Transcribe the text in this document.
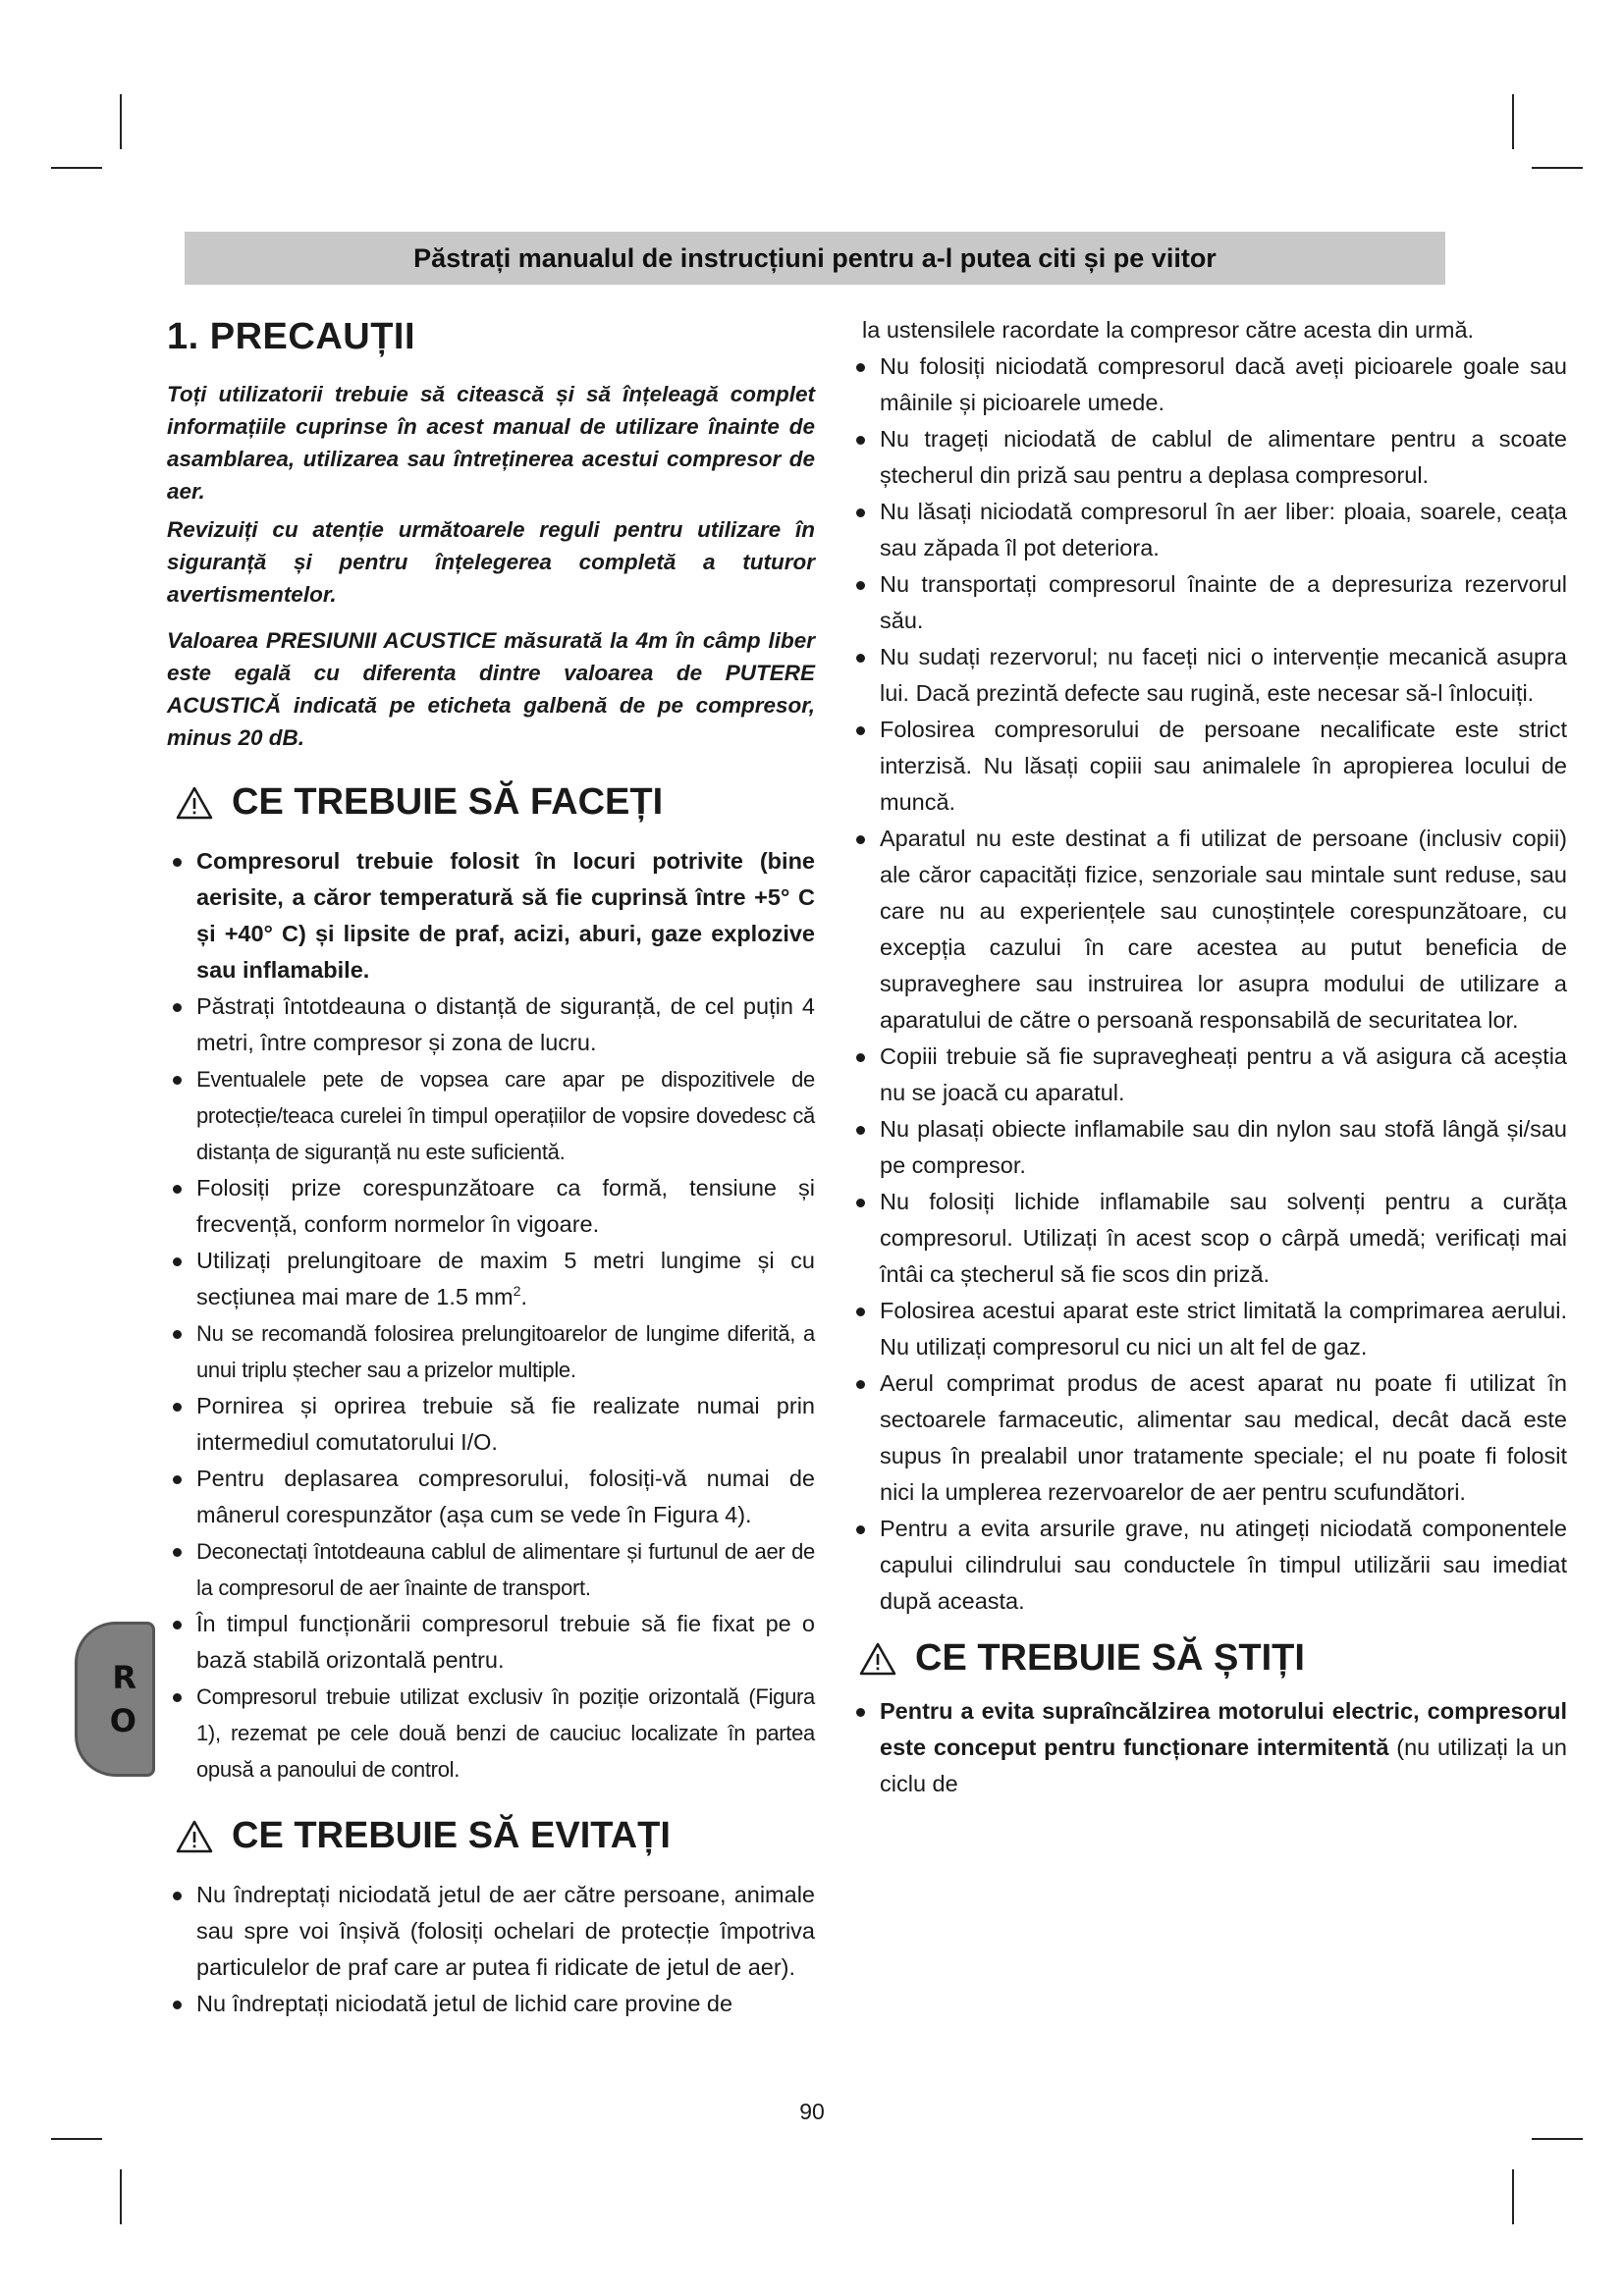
Păstrați manualul de instrucțiuni pentru a-l putea citi și pe viitor
1. PRECAUȚII

Toți utilizatorii trebuie să citească și să înțeleagă complet informațiile cuprinse în acest manual de utilizare înainte de asamblarea, utilizarea sau întreținerea acestui compresor de aer.

Revizuiți cu atenție următoarele reguli pentru utilizare în siguranță și pentru înțelegerea completă a tuturor avertismentelor.

Valoarea PRESIUNII ACUSTICE măsurată la 4m în câmp liber este egală cu diferenta dintre valoarea de PUTERE ACUSTICĂ indicată pe eticheta galbenă de pe compresor, minus 20 dB.

CE TREBUIE SĂ FACEȚI
Compresorul trebuie folosit în locuri potrivite (bine aerisite, a căror temperatură să fie cuprinsă între +5° C și +40° C) și lipsite de praf, acizi, aburi, gaze explozive sau inflamabile.
Păstrați întotdeauna o distanță de siguranță, de cel puțin 4 metri, între compresor și zona de lucru.
Eventualele pete de vopsea care apar pe dispozitivele de protecție/teaca curelei în timpul operațiilor de vopsire dovedesc că distanța de siguranță nu este suficientă.
Folosiți prize corespunzătoare ca formă, tensiune și frecvență, conform normelor în vigoare.
Utilizați prelungitoare de maxim 5 metri lungime și cu secțiunea mai mare de 1.5 $mm^2$.
Nu se recomandă folosirea prelungitoarelor de lungime diferită, a unui triplu ștecher sau a prizelor multiple.
Pornirea și oprirea trebuie să fie realizate numai prin intermediul comutatorului I/O.
Pentru deplasarea compresorului, folosiți-vă numai de mânerul corespunzător (așa cum se vede în Figura 4).
Deconectați întotdeauna cablul de alimentare și furtunul de aer de la compresorul de aer înainte de transport.
În timpul funcționării compresorul trebuie să fie fixat pe o bază stabilă orizontală pentru.
Compresorul trebuie utilizat exclusiv în poziție orizontală (Figura 1), rezemat pe cele două benzi de cauciuc localizate în partea opusă a panoului de control.
CE TREBUIE SĂ EVITAȚI
Nu îndreptați niciodată jetul de aer către persoane, animale sau spre voi înșivă (folosiți ochelari de protecție împotriva particulelor de praf care ar putea fi ridicate de jetul de aer).
Nu îndreptați niciodată jetul de lichid care provine de

la ustensilele racordate la compresor către acesta din urmă.

Nu folosiți niciodată compresorul dacă aveți picioarele goale sau mâinile și picioarele umede.
Nu trageți niciodată de cablul de alimentare pentru a scoate ștecherul din priză sau pentru a deplasa compresorul.
Nu lăsați niciodată compresorul în aer liber: ploaia, soarele, ceața sau zăpada îl pot deteriora.
Nu transportați compresorul înainte de a depresuriza rezervorul său.
Nu sudați rezervorul; nu faceți nici o intervenție mecanică asupra lui. Dacă prezintă defecte sau rugină, este necesar să-l înlocuiți.
Folosirea compresorului de persoane necalificate este strict interzisă. Nu lăsați copiii sau animalele în apropierea locului de muncă.
Aparatul nu este destinat a fi utilizat de persoane (inclusiv copii) ale căror capacități fizice, senzoriale sau mintale sunt reduse, sau care nu au experiențele sau cunoștințele corespunzătoare, cu excepția cazului în care acestea au putut beneficia de supraveghere sau instruirea lor asupra modului de utilizare a aparatului de către o persoană responsabilă de securitatea lor.
Copiii trebuie să fie supravegheați pentru a vă asigura că aceștia nu se joacă cu aparatul.
Nu plasați obiecte inflamabile sau din nylon sau stofă lângă și/sau pe compresor.
Nu folosiți lichide inflamabile sau solvenți pentru a curăța compresorul. Utilizați în acest scop o cârpă umedă; verificați mai întâi ca ștecherul să fie scos din priză.
Folosirea acestui aparat este strict limitată la comprimarea aerului. Nu utilizați compresorul cu nici un alt fel de gaz.
Aerul comprimat produs de acest aparat nu poate fi utilizat în sectoarele farmaceutic, alimentar sau medical, decât dacă este supus în prealabil unor tratamente speciale; el nu poate fi folosit nici la umplerea rezervoarelor de aer pentru scufundători.
Pentru a evita arsurile grave, nu atingeți niciodată componentele capului cilindrului sau conductele în timpul utilizării sau imediat după aceasta.
CE TREBUIE SĂ ȘTIȚI
Pentru a evita supraîncălzirea motorului electric, compresorul este conceput pentru funcționare intermitentă (nu utilizați la un ciclu de
R
O
90
